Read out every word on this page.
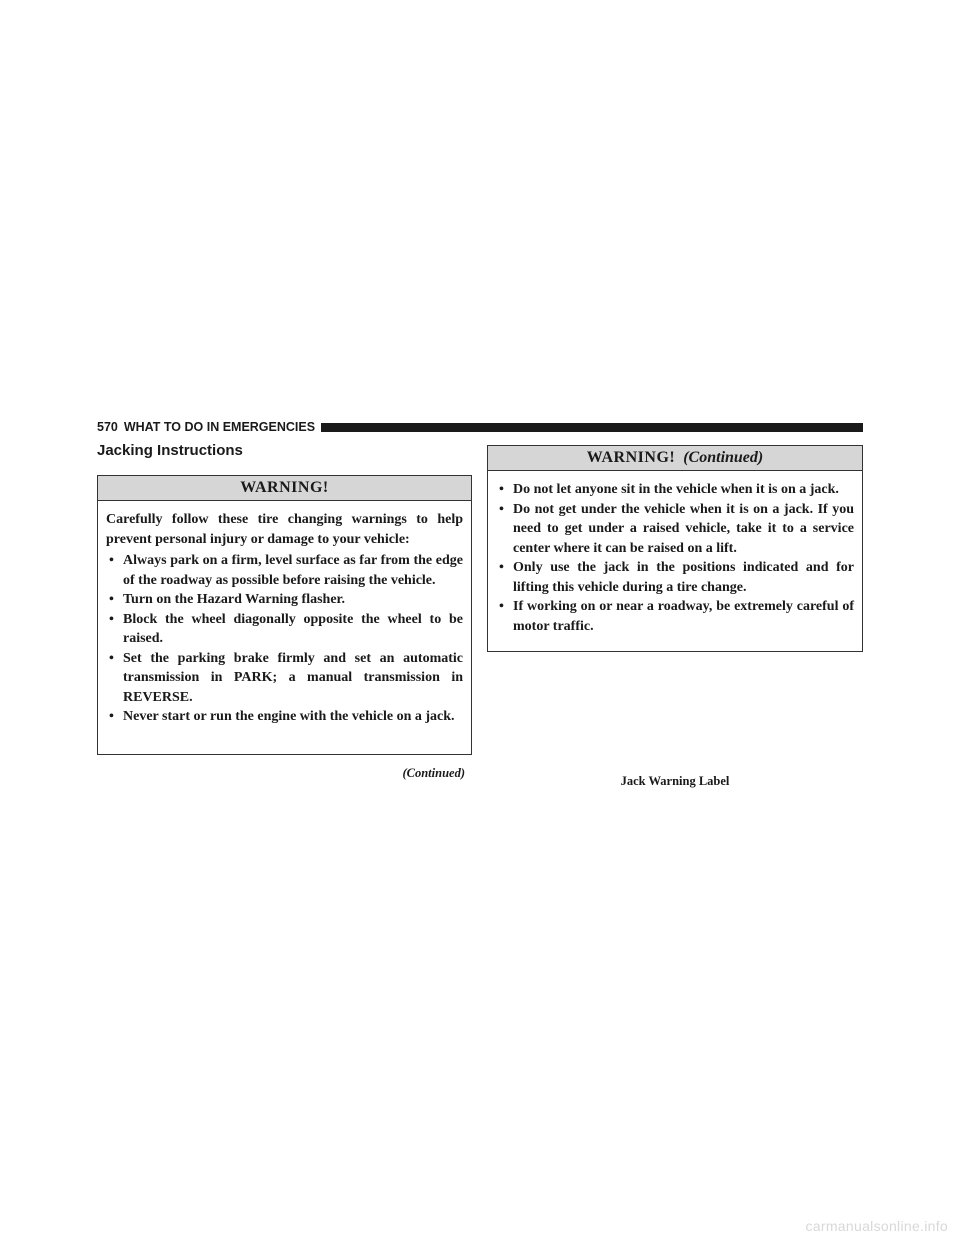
570 WHAT TO DO IN EMERGENCIES
Jacking Instructions
WARNING!

Carefully follow these tire changing warnings to help prevent personal injury or damage to your vehicle:

• Always park on a firm, level surface as far from the edge of the roadway as possible before raising the vehicle.
• Turn on the Hazard Warning flasher.
• Block the wheel diagonally opposite the wheel to be raised.
• Set the parking brake firmly and set an automatic transmission in PARK; a manual transmission in REVERSE.
• Never start or run the engine with the vehicle on a jack.
(Continued)
WARNING! (Continued)
• Do not let anyone sit in the vehicle when it is on a jack.
• Do not get under the vehicle when it is on a jack. If you need to get under a raised vehicle, take it to a service center where it can be raised on a lift.
• Only use the jack in the positions indicated and for lifting this vehicle during a tire change.
• If working on or near a roadway, be extremely careful of motor traffic.
Jack Warning Label
carmanualsonline.info
